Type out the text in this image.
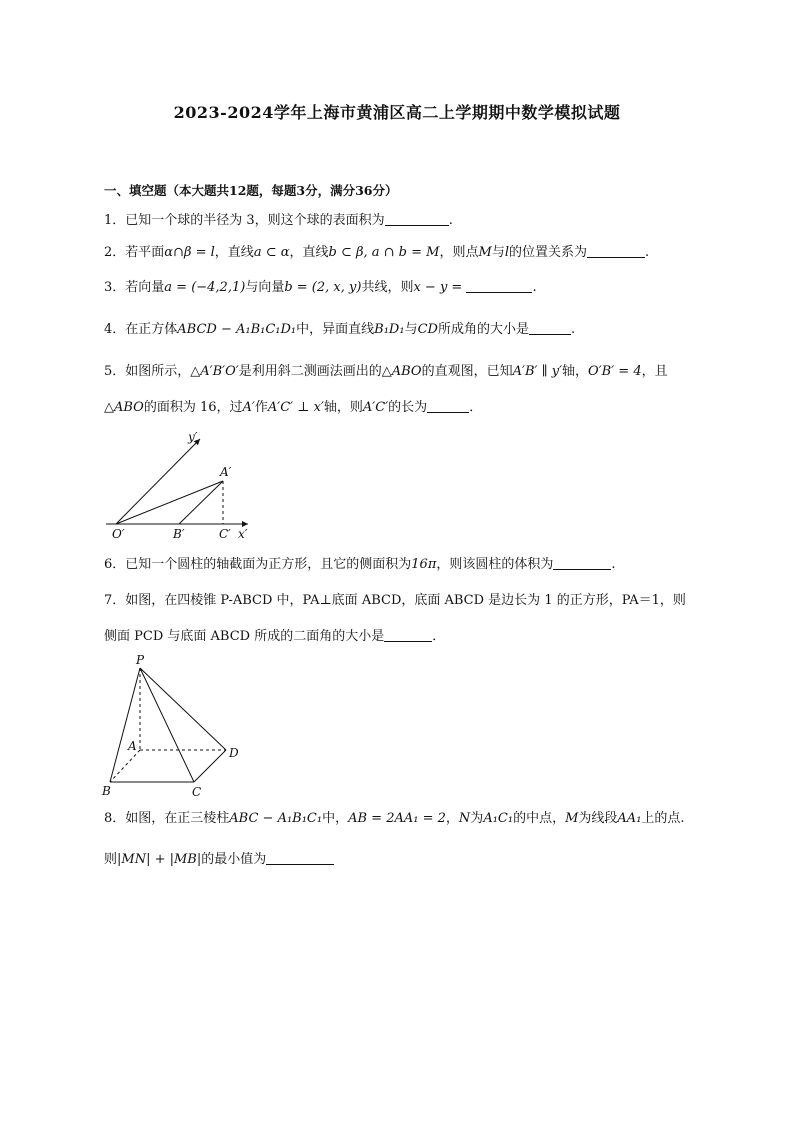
2023-2024学年上海市黄浦区高二上学期期中数学模拟试题
一、填空题（本大题共12题，每题3分，满分36分）
1．已知一个球的半径为 3，则这个球的表面积为	.
2．若平面α∩β = l，直线a ⊂ α，直线b ⊂ β, a ∩ b = M，则点M与l的位置关系为	.
3．若向量a = (−4,2,1)与向量b = (2, x, y)共线，则x − y =	.
4．在正方体ABCD − A₁B₁C₁D₁中，异面直线B₁D₁与CD所成角的大小是	.
5．如图所示，△A′B′O′是利用斜二测画法画出的△ABO的直观图，已知A′B′ ∥ y′轴，O′B′ = 4，且
△ABO的面积为 16，过A′作A′C′ ⊥ x′轴，则A′C′的长为	．
y′
A′
O′	B′	C′ x′
6．已知一个圆柱的轴截面为正方形，且它的侧面积为16π，则该圆柱的体积为	.
7．如图，在四棱锥 P-ABCD 中，PA⊥底面 ABCD，底面 ABCD 是边长为 1 的正方形，PA＝1，则
侧面 PCD 与底面 ABCD 所成的二面角的大小是	．
P
A	D
B	C
8．如图，在正三棱柱ABC − A₁B₁C₁中，AB = 2AA₁ = 2，N为A₁C₁的中点，M为线段AA₁上的点.
则|MN| + |MB|的最小值为
